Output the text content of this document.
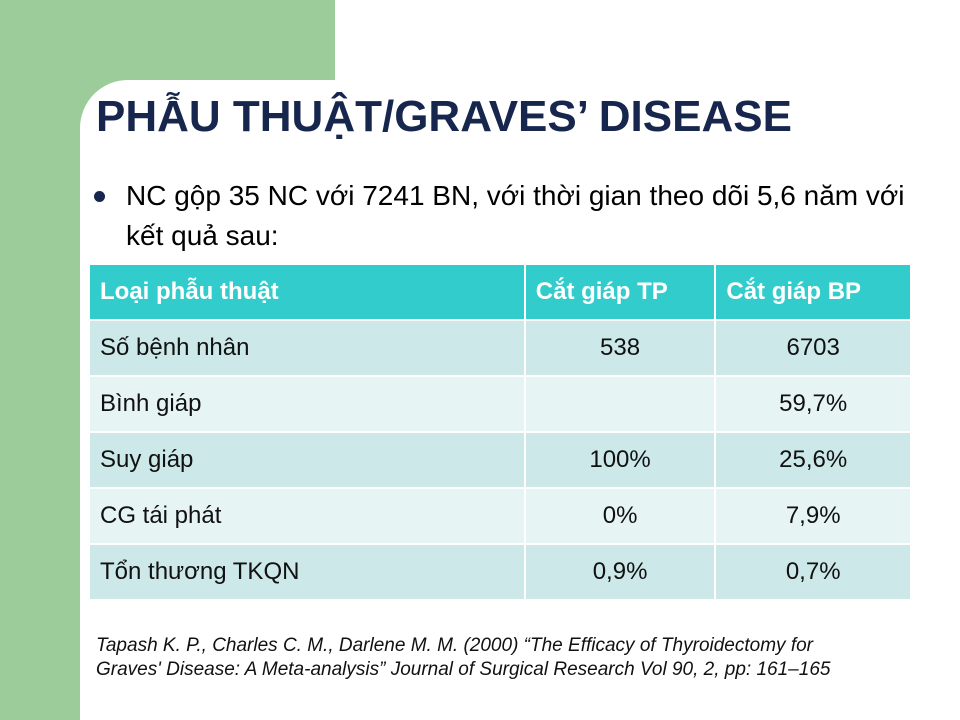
PHẪU THUẬT/GRAVES’ DISEASE
NC gộp 35 NC với 7241 BN, với thời gian theo dõi 5,6 năm với kết quả sau:
Loại phẫu thuật	Cắt giáp TP	Cắt giáp BP
Số bệnh nhân	538	6703
Bình giáp		59,7%
Suy giáp	100%	25,6%
CG tái phát	0%	7,9%
Tổn thương TKQN	0,9%	0,7%
Tapash K. P., Charles C. M., Darlene M. M. (2000) “The Efficacy of Thyroidectomy for
Graves' Disease: A Meta-analysis” Journal of Surgical Research Vol 90, 2, pp: 161–165
